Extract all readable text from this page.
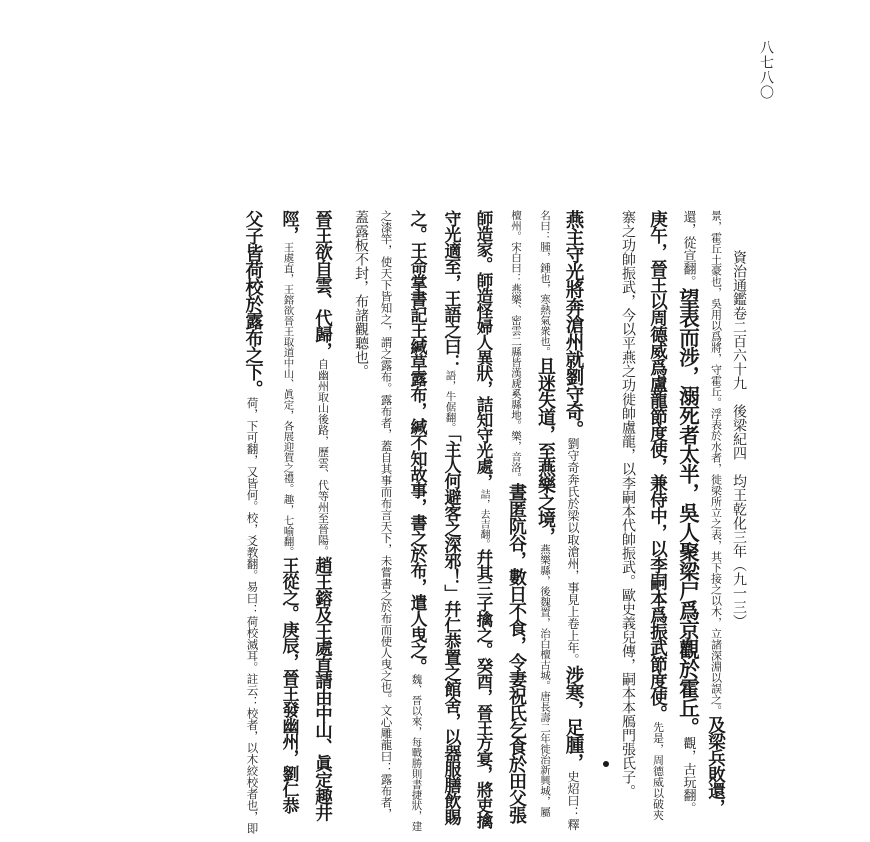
八七八〇
資治通鑑卷二百六十九　後梁紀四　均王乾化三年（九一三）
景，霍丘土豪也，吳用以爲將，守霍丘。浮表於水者，徙梁所立之表，其下接之以木，立諸深淵以誤之。及梁兵敗還，
還，從宣翻。望表而涉，溺死者太半，吳人聚梁尸爲京觀於霍丘。觀，古玩翻。
庚午，晉王以周德威爲盧龍節度使，兼侍中，以李嗣本爲振武節度使。先是，周德威以破夾
寨之功帥振武，今以平燕之功徙帥盧龍，以李嗣本代帥振武。歐史義兒傳，嗣本本鴈門張氏子。
燕主守光將奔滄州就劉守奇。劉守奇奔氏於梁以取滄州，事見上卷上年。涉寒，足腫，史炤曰：釋
名曰：腫，鍾也，寒熱氣衆也。且迷失道，至燕樂之境，燕樂縣，後魏置，治白檀古城。唐長壽二年徙治新興城，屬
檀州。宋白曰：燕樂、密雲二縣皆漢虒奚縣地。樂，音洛。晝匿阬谷，數日不食，令妻祝氏乞食於田父張
師造家。師造怪婦人異狀，詰知守光處，詰，去吉翻。幷其三子擒之。癸酉，晉王方宴，將吏擒
守光適至，王語之曰：語，牛倨翻。「主人何避客之深邪！」幷仁恭置之館舍，以器服膳飲賜
之。王命掌書記王緘草露布，緘不知故事，書之於布，遣人曳之。魏、晉以來，每戰勝則書捷狀，建
之漆竿，使天下皆知之，謂之露布。露布者，蓋自其事而布言天下，未嘗書之於布而使人曳之也。文心雕龍曰：露布者，
蓋露板不封，布諸觀聽也。
晉王欲自雲、代歸，自幽州取山後路，歷雲、代等州至晉陽。趙王鎔及王處直請由中山、眞定趣井
陘，王處直，王鎔欲晉王取道中山、眞定，各展迎賀之禮。趣，七喻翻。王從之。庚辰，晉王發幽州，劉仁恭
父子皆荷校於露布之下。荷，下可翻，又皆何。校，爻教翻。易曰：荷校滅耳。註云：校者，以木絞校者也，即
